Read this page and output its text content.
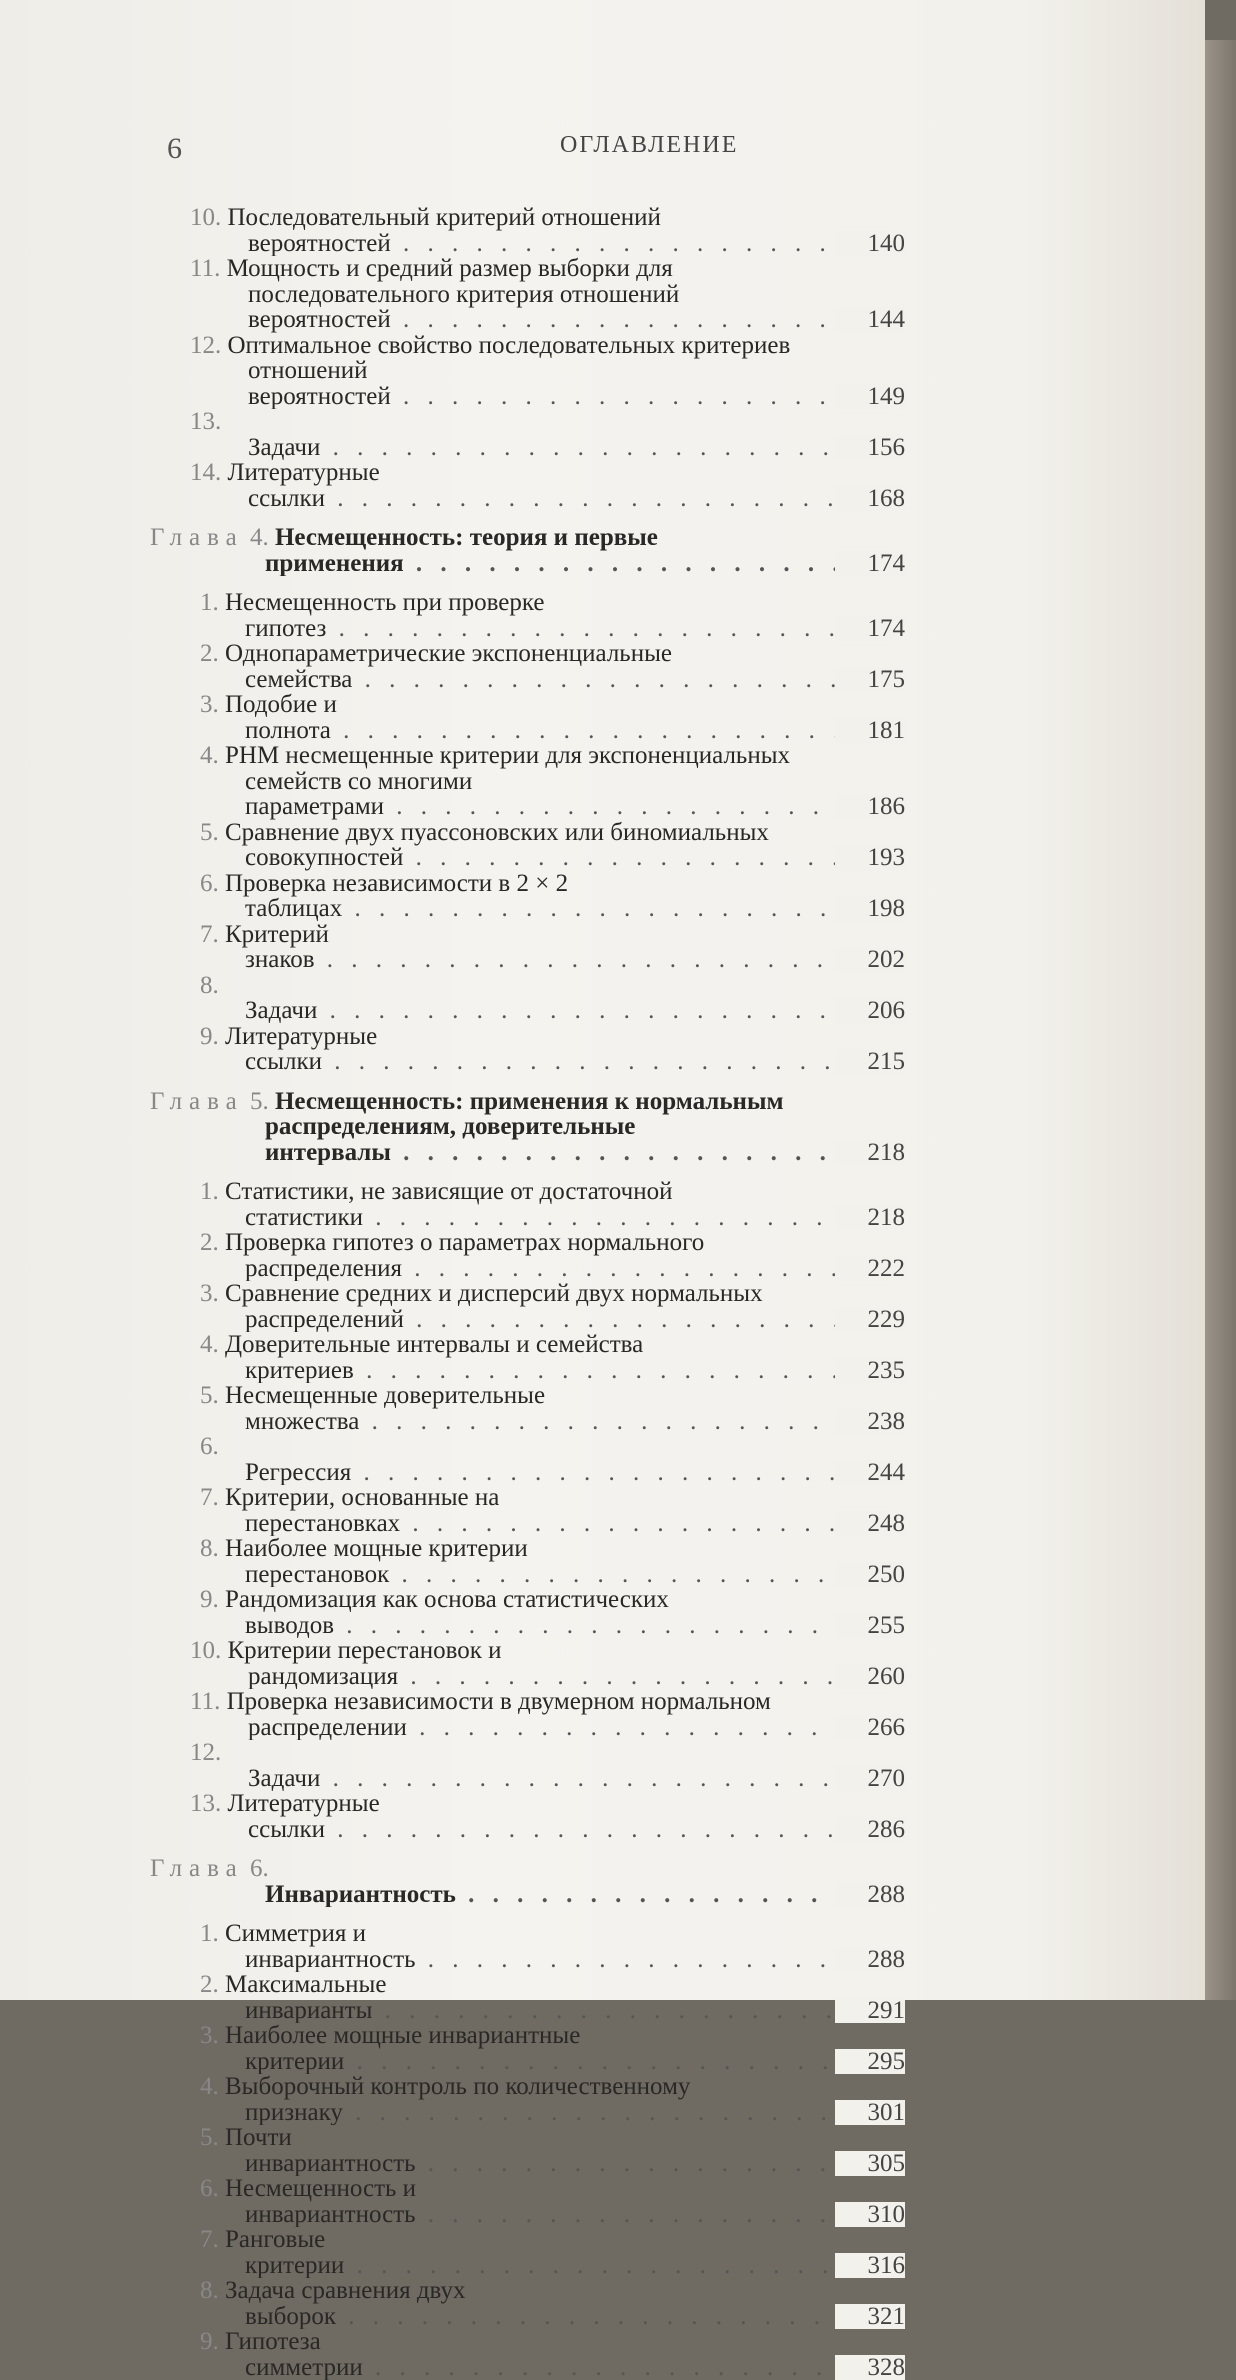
6	ОГЛАВЛЕНИЕ
10. Последовательный критерий отношений вероятностей . . .	140
11. Мощность и средний размер выборки для последовательного критерия отношений вероятностей . . .	144
12. Оптимальное свойство последовательных критериев отношений вероятностей . . .	149
13. Задачи . . .	156
14. Литературные ссылки . . .	168
Глава 4. Несмещенность: теория и первые применения . . .	174
1. Несмещенность при проверке гипотез . . .	174
2. Однопараметрические экспоненциальные семейства . . .	175
3. Подобие и полнота . . .	181
4. РНМ несмещенные критерии для экспоненциальных семейств со многими параметрами . . .	186
5. Сравнение двух пуассоновских или биномиальных совокупностей . . .	193
6. Проверка независимости в 2 × 2 таблицах . . .	198
7. Критерий знаков . . .	202
8. Задачи . . .	206
9. Литературные ссылки . . .	215
Глава 5. Несмещенность: применения к нормальным распределениям, доверительные интервалы . . .	218
1. Статистики, не зависящие от достаточной статистики . . .	218
2. Проверка гипотез о параметрах нормального распределения . . .	222
3. Сравнение средних и дисперсий двух нормальных распределений . . .	229
4. Доверительные интервалы и семейства критериев . . .	235
5. Несмещенные доверительные множества . . .	238
6. Регрессия . . .	244
7. Критерии, основанные на перестановках . . .	248
8. Наиболее мощные критерии перестановок . . .	250
9. Рандомизация как основа статистических выводов . . .	255
10. Критерии перестановок и рандомизация . . .	260
11. Проверка независимости в двумерном нормальном распределении . . .	266
12. Задачи . . .	270
13. Литературные ссылки . . .	286
Глава 6. Инвариантность . . .	288
1. Симметрия и инвариантность . . .	288
2. Максимальные инварианты . . .	291
3. Наиболее мощные инвариантные критерии . . .	295
4. Выборочный контроль по количественному признаку . . .	301
5. Почти инвариантность . . .	305
6. Несмещенность и инвариантность . . .	310
7. Ранговые критерии . . .	316
8. Задача сравнения двух выборок . . .	321
9. Гипотеза симметрии . . .	328
